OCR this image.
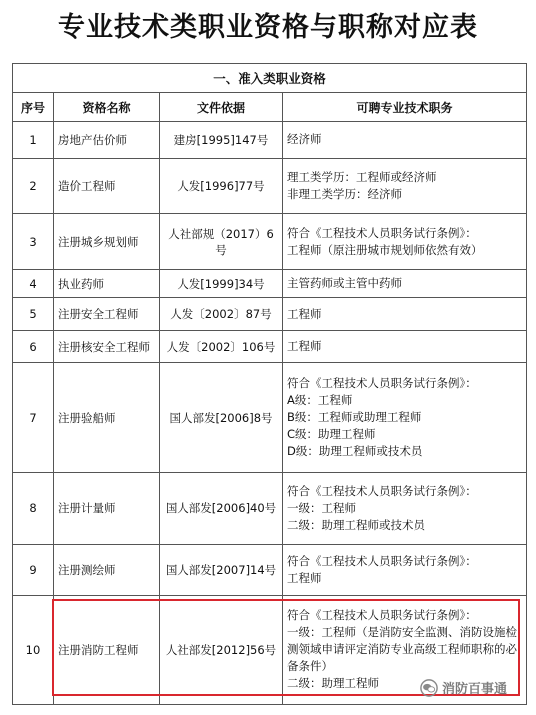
专业技术类职业资格与职称对应表
一、准入类职业资格			
序号	资格名称	文件依据	可聘专业技术职务
1	房地产估价师	建房[1995]147号	经济师

2	造价工程师	人发[1996]77号	理工类学历：工程师或经济师
非理工类学历：经济师

3	注册城乡规划师	人社部规（2017）6号	符合《工程技术人员职务试行条例》：
工程师（原注册城市规划师依然有效）

4	执业药师	人发[1999]34号	主管药师或主管中药师

5	注册安全工程师	人发〔2002〕87号	工程师

6	注册核安全工程师	人发〔2002〕106号	工程师

7	注册验船师	国人部发[2006]8号	符合《工程技术人员职务试行条例》：
A级：工程师
B级：工程师或助理工程师
C级：助理工程师
D级：助理工程师或技术员

8	注册计量师	国人部发[2006]40号	符合《工程技术人员职务试行条例》：
一级：工程师
二级：助理工程师或技术员

9	注册测绘师	国人部发[2007]14号	符合《工程技术人员职务试行条例》：
工程师

10	注册消防工程师	人社部发[2012]56号	符合《工程技术人员职务试行条例》：
一级：工程师（是消防安全监测、消防设施检测领域申请评定消防专业高级工程师职称的必备条件）
二级：助理工程师	消防百事通
